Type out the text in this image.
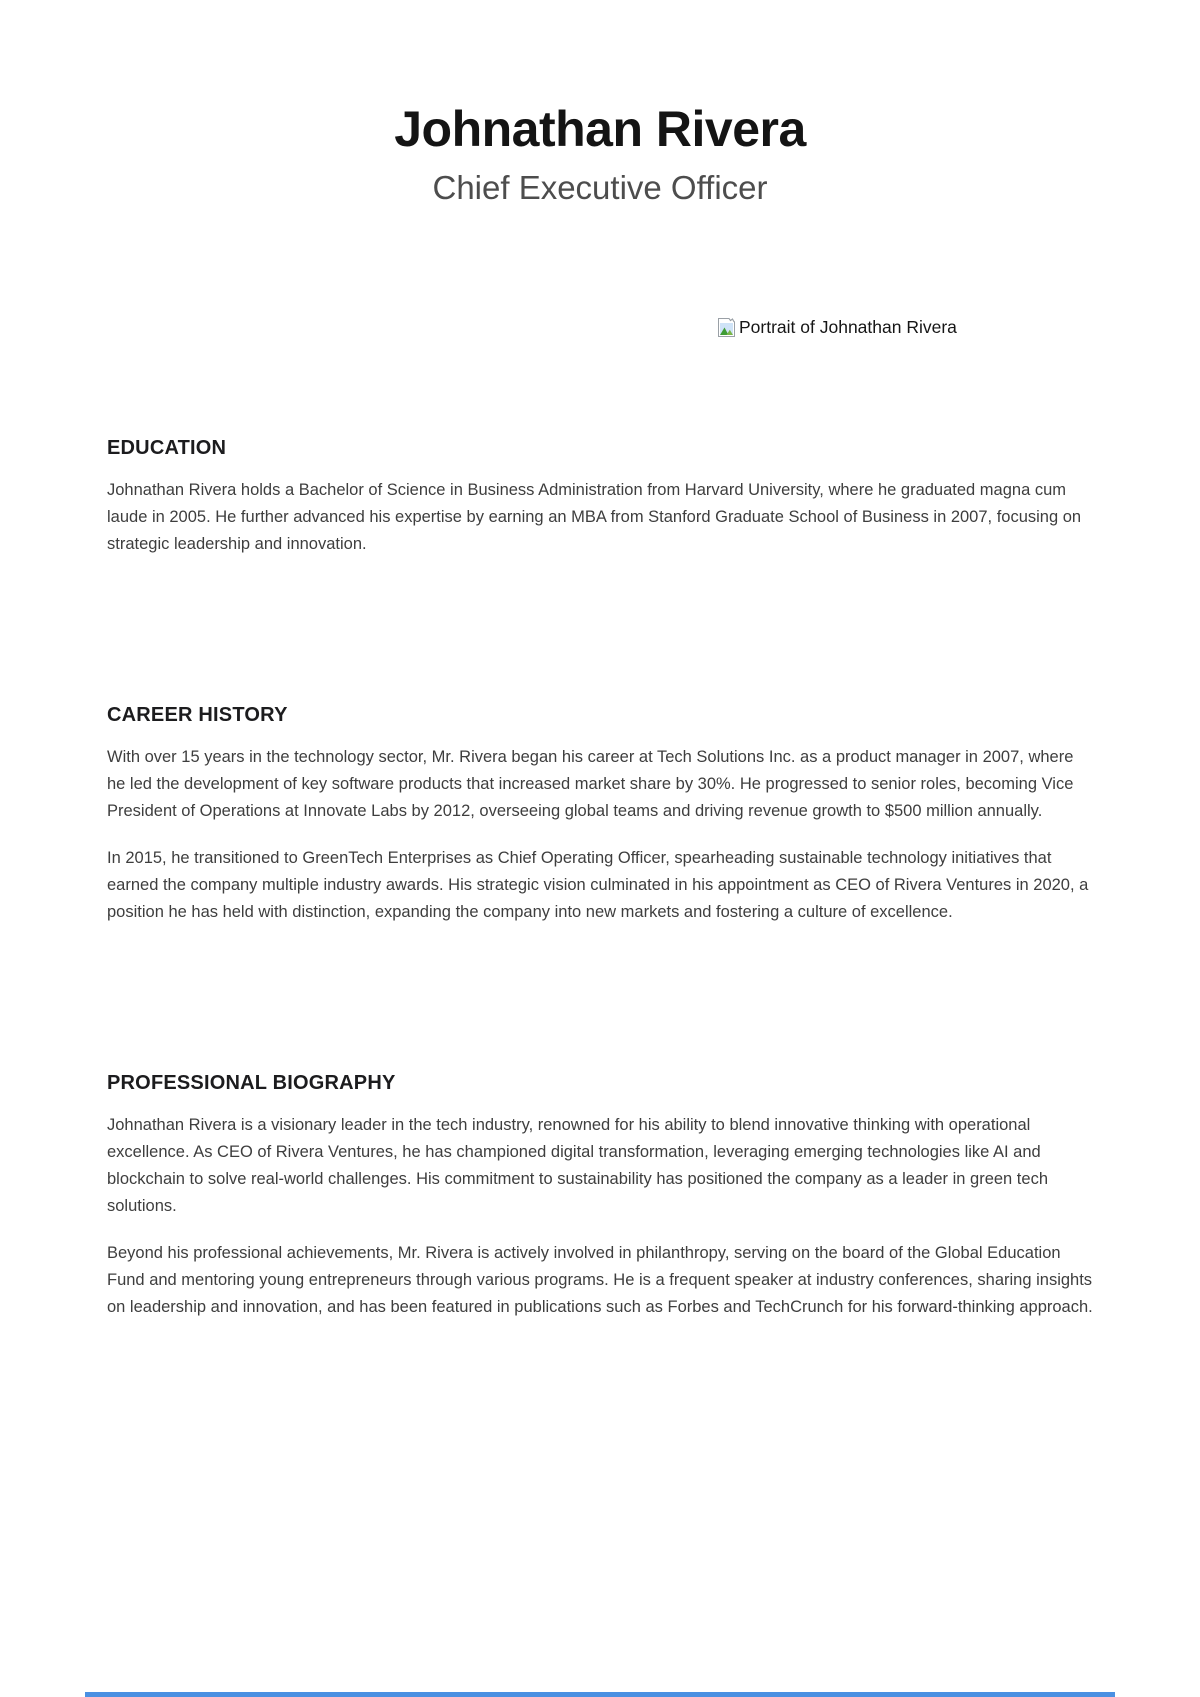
Johnathan Rivera
Chief Executive Officer
Portrait of Johnathan Rivera
EDUCATION

Johnathan Rivera holds a Bachelor of Science in Business Administration from Harvard University, where he graduated magna cum laude in 2005. He further advanced his expertise by earning an MBA from Stanford Graduate School of Business in 2007, focusing on strategic leadership and innovation.

CAREER HISTORY

With over 15 years in the technology sector, Mr. Rivera began his career at Tech Solutions Inc. as a product manager in 2007, where he led the development of key software products that increased market share by 30%. He progressed to senior roles, becoming Vice President of Operations at Innovate Labs by 2012, overseeing global teams and driving revenue growth to $500 million annually.

In 2015, he transitioned to GreenTech Enterprises as Chief Operating Officer, spearheading sustainable technology initiatives that earned the company multiple industry awards. His strategic vision culminated in his appointment as CEO of Rivera Ventures in 2020, a position he has held with distinction, expanding the company into new markets and fostering a culture of excellence.

PROFESSIONAL BIOGRAPHY

Johnathan Rivera is a visionary leader in the tech industry, renowned for his ability to blend innovative thinking with operational excellence. As CEO of Rivera Ventures, he has championed digital transformation, leveraging emerging technologies like AI and blockchain to solve real-world challenges. His commitment to sustainability has positioned the company as a leader in green tech solutions.

Beyond his professional achievements, Mr. Rivera is actively involved in philanthropy, serving on the board of the Global Education Fund and mentoring young entrepreneurs through various programs. He is a frequent speaker at industry conferences, sharing insights on leadership and innovation, and has been featured in publications such as Forbes and TechCrunch for his forward-thinking approach.
